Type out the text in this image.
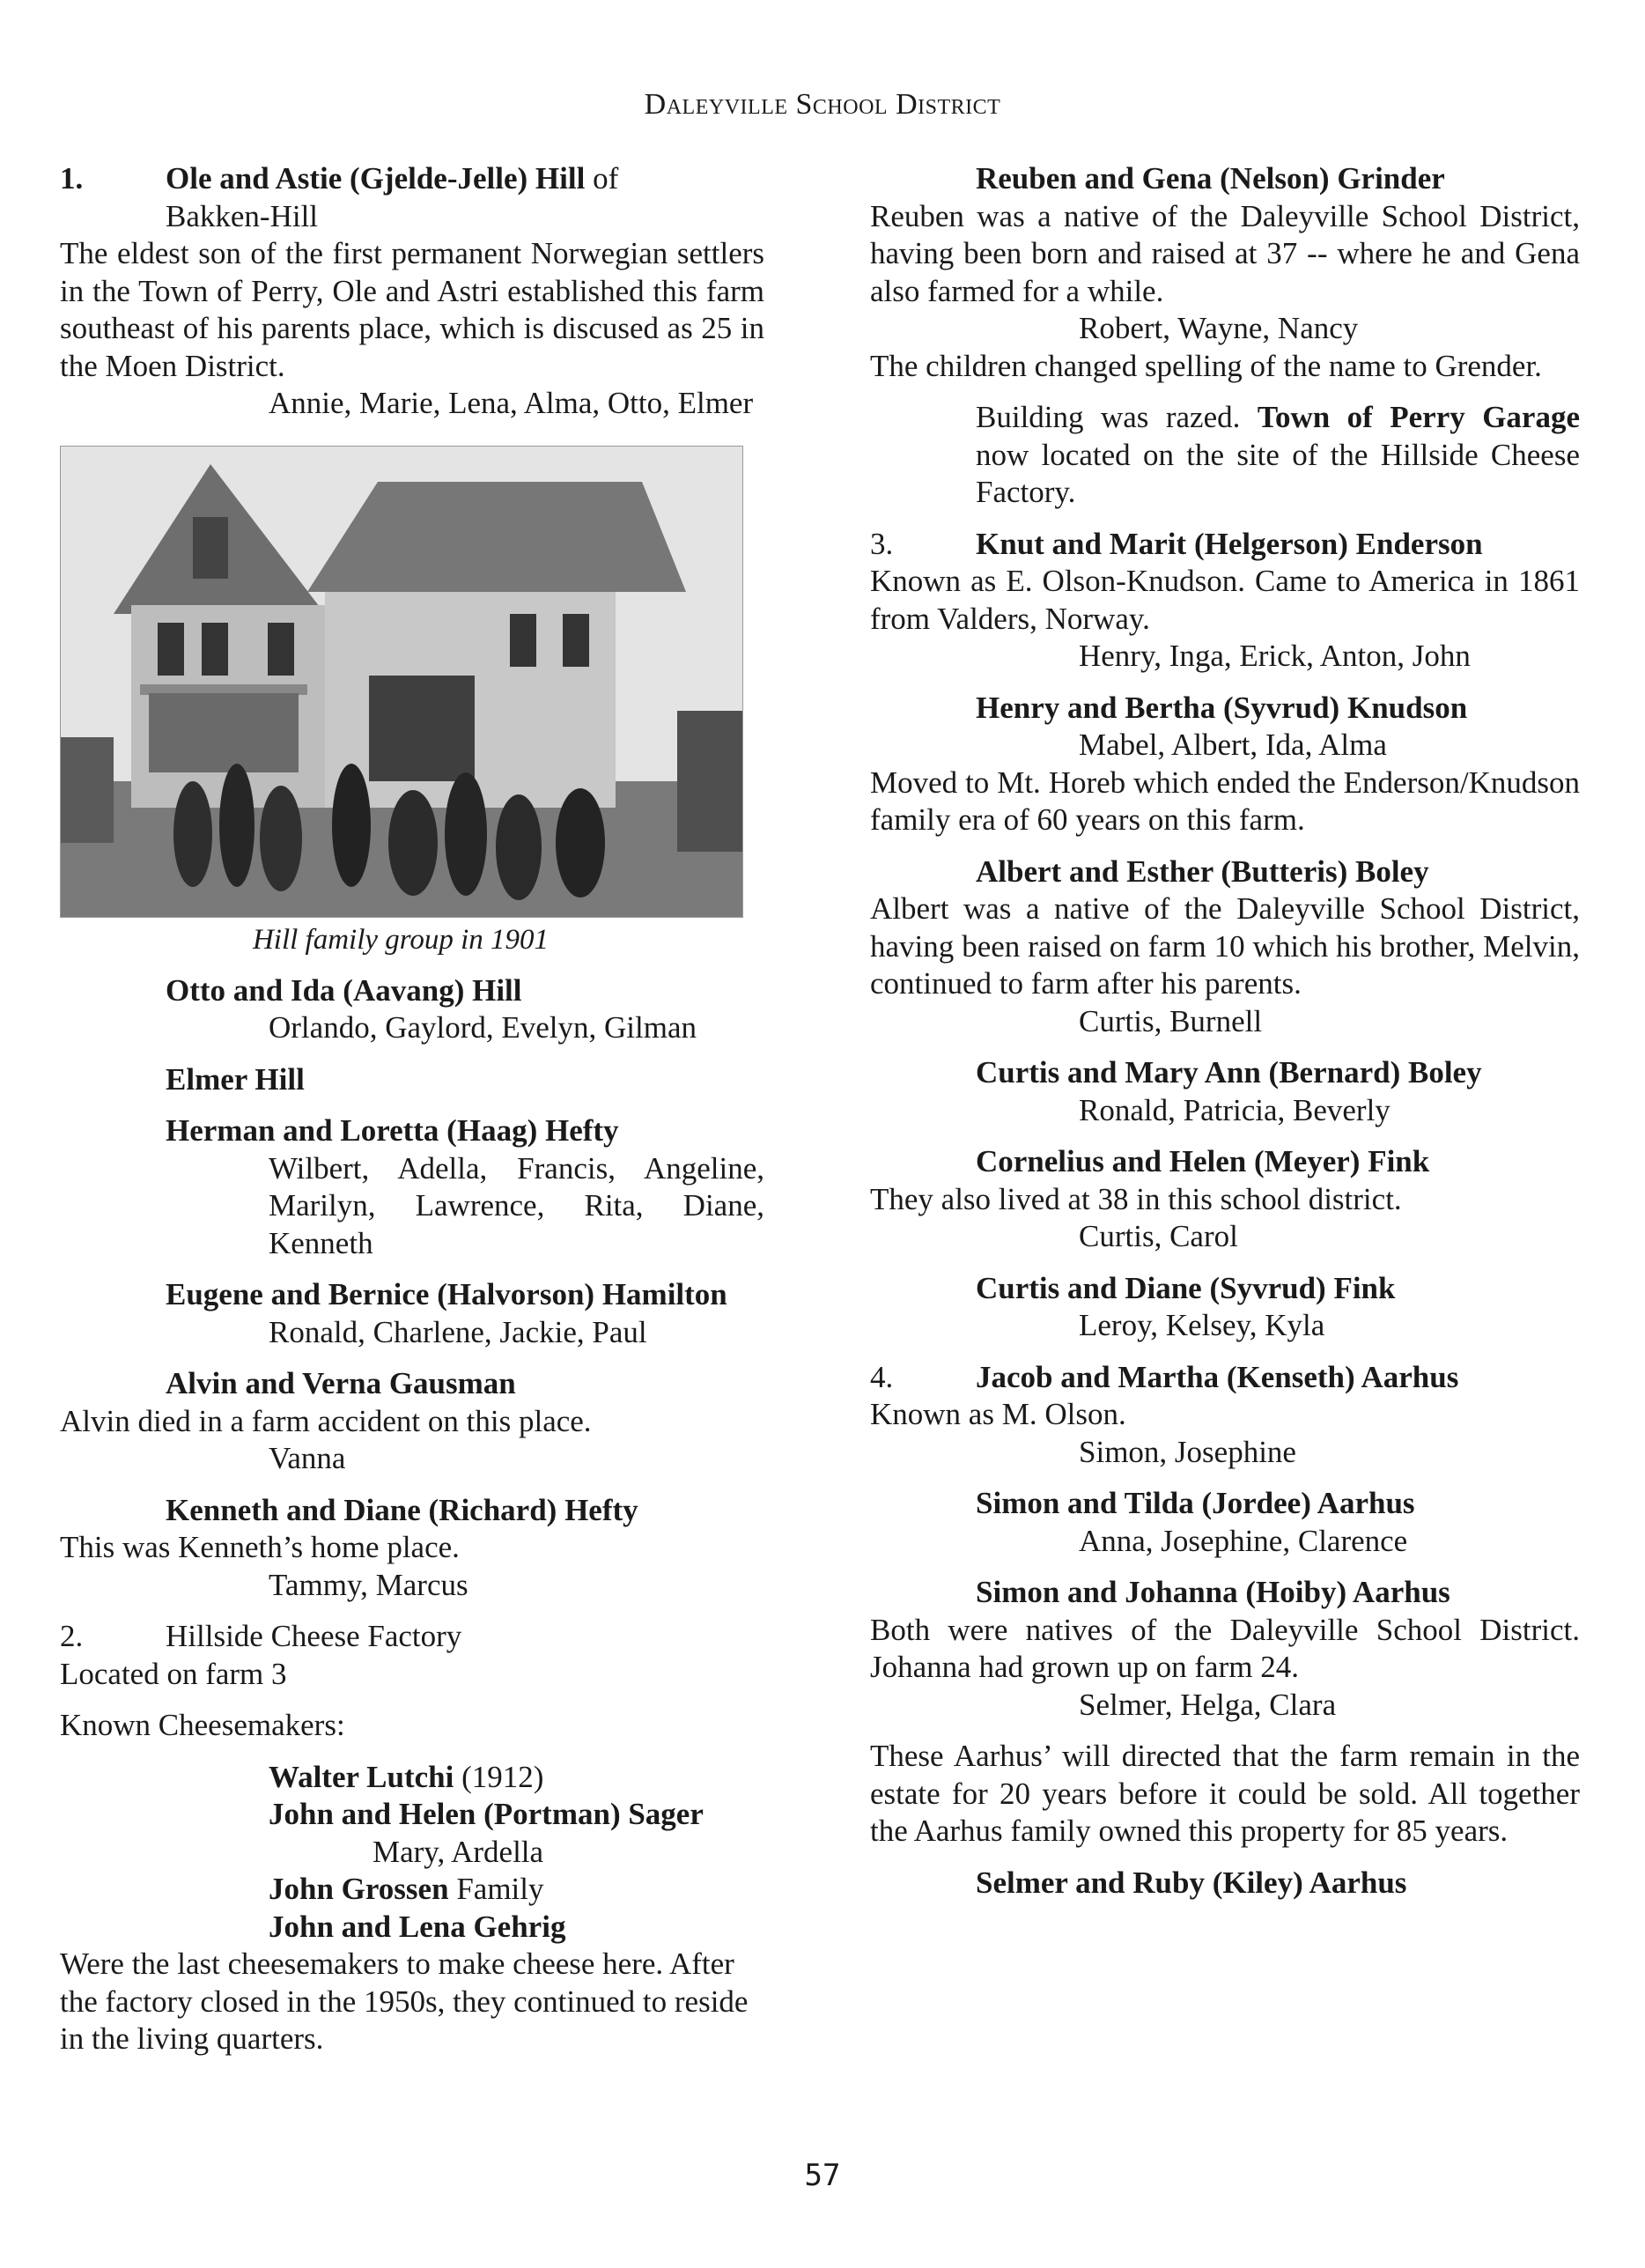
Daleyville School District

1.	Ole and Astie (Gjelde-Jelle) Hill of

Bakken-Hill

The eldest son of the first permanent Norwegian settlers in the Town of Perry, Ole and Astri established this farm southeast of his parents place, which is discused as 25 in the Moen District.

Annie, Marie, Lena, Alma, Otto, Elmer

Hill family group in 1901

Otto and Ida (Aavang) Hill

Orlando, Gaylord, Evelyn, Gilman

Elmer Hill

Herman and Loretta (Haag) Hefty

Wilbert, Adella, Francis, Angeline, Marilyn, Lawrence, Rita, Diane, Kenneth

Eugene and Bernice (Halvorson) Hamilton

Ronald, Charlene, Jackie, Paul

Alvin and Verna Gausman

Alvin died in a farm accident on this place.

Vanna

Kenneth and Diane (Richard) Hefty

This was Kenneth’s home place.

Tammy, Marcus

2.	Hillside Cheese Factory

Located on farm 3

Known Cheesemakers:

Walter Lutchi (1912)

John and Helen (Portman) Sager

Mary, Ardella

John Grossen Family

John and Lena Gehrig

Were the last cheesemakers to make cheese here. After the factory closed in the 1950s, they continued to reside in the living quarters.

Reuben and Gena (Nelson) Grinder

Reuben was a native of the Daleyville School District, having been born and raised at 37 -- where he and Gena also farmed for a while.

Robert, Wayne, Nancy

The children changed spelling of the name to Grender.

Building was razed. Town of Perry Garage now located on the site of the Hillside Cheese Factory.

3.	Knut and Marit (Helgerson) Enderson

Known as E. Olson-Knudson. Came to America in 1861 from Valders, Norway.

Henry, Inga, Erick, Anton, John

Henry and Bertha (Syvrud) Knudson

Mabel, Albert, Ida, Alma

Moved to Mt. Horeb which ended the Enderson/Knudson family era of 60 years on this farm.

Albert and Esther (Butteris) Boley

Albert was a native of the Daleyville School District, having been raised on farm 10 which his brother, Melvin, continued to farm after his parents.

Curtis, Burnell

Curtis and Mary Ann (Bernard) Boley

Ronald, Patricia, Beverly

Cornelius and Helen (Meyer) Fink

They also lived at 38 in this school district.

Curtis, Carol

Curtis and Diane (Syvrud) Fink

Leroy, Kelsey, Kyla

4.	Jacob and Martha (Kenseth) Aarhus

Known as M. Olson.

Simon, Josephine

Simon and Tilda (Jordee) Aarhus

Anna, Josephine, Clarence

Simon and Johanna (Hoiby) Aarhus

Both were natives of the Daleyville School District. Johanna had grown up on farm 24.

Selmer, Helga, Clara

These Aarhus’ will directed that the farm remain in the estate for 20 years before it could be sold. All together the Aarhus family owned this property for 85 years.

Selmer and Ruby (Kiley) Aarhus

57
